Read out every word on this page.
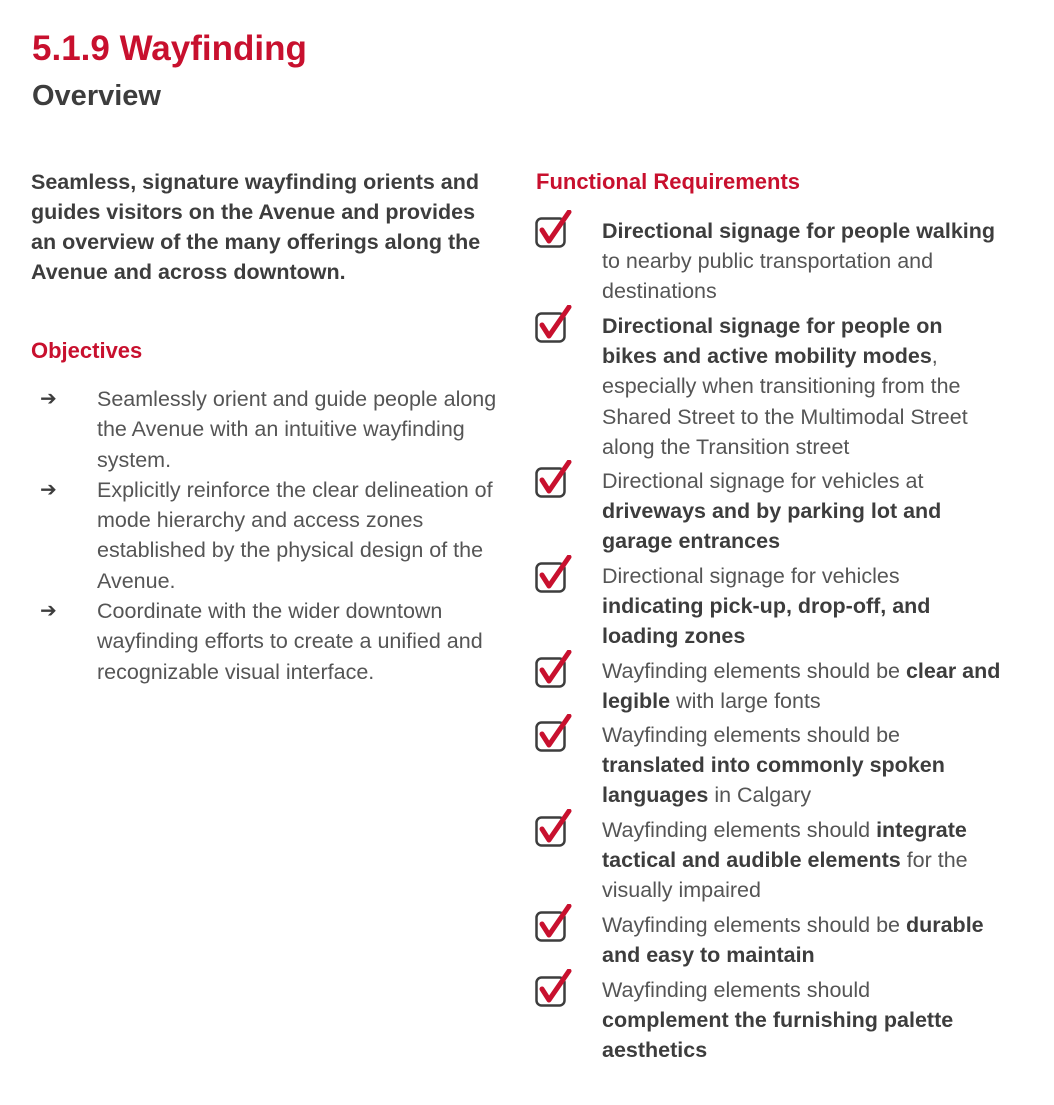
5.1.9 Wayfinding
Overview

Seamless, signature wayfinding orients and guides visitors on the Avenue and provides an overview of the many offerings along the Avenue and across downtown.

Objectives
➔	Seamlessly orient and guide people along the Avenue with an intuitive wayfinding system.
➔	Explicitly reinforce the clear delineation of mode hierarchy and access zones established by the physical design of the Avenue.
➔	Coordinate with the wider downtown wayfinding efforts to create a unified and recognizable visual interface.
Functional Requirements
Directional signage for people walking to nearby public transportation and destinations
Directional signage for people on bikes and active mobility modes, especially when transitioning from the Shared Street to the Multimodal Street along the Transition street
Directional signage for vehicles at driveways and by parking lot and garage entrances
Directional signage for vehicles indicating pick-up, drop-off, and loading zones
Wayfinding elements should be clear and legible with large fonts
Wayfinding elements should be translated into commonly spoken languages in Calgary
Wayfinding elements should integrate tactical and audible elements for the visually impaired
Wayfinding elements should be durable and easy to maintain
Wayfinding elements should complement the furnishing palette aesthetics
